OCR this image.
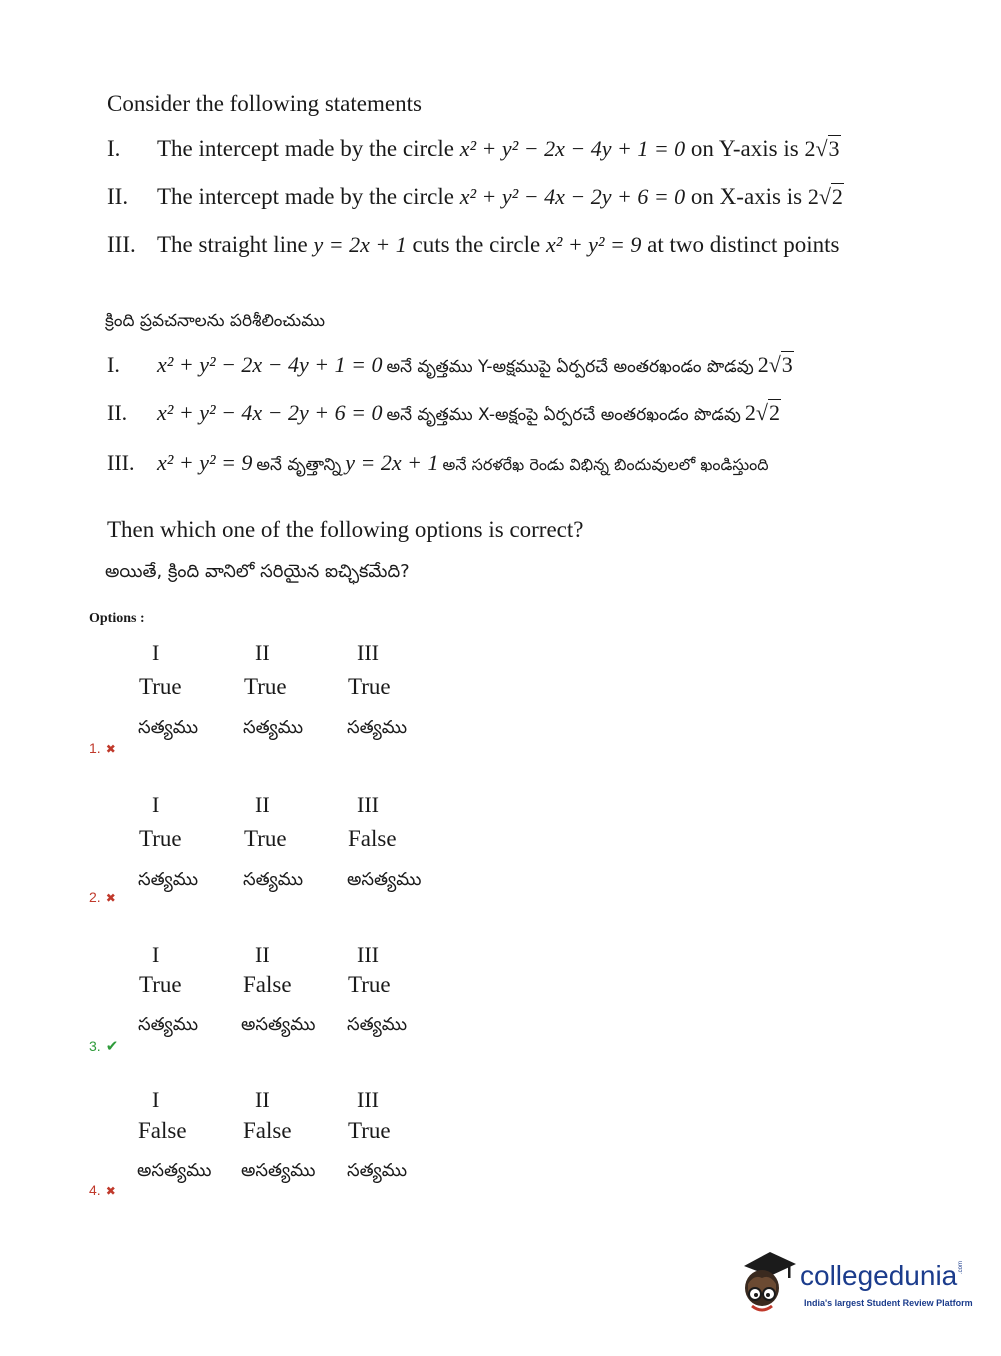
Consider the following statements
I. The intercept made by the circle x² + y² − 2x − 4y + 1 = 0 on Y-axis is 2√3
II. The intercept made by the circle x² + y² − 4x − 2y + 6 = 0 on X-axis is 2√2
III. The straight line y = 2x + 1 cuts the circle x² + y² = 9 at two distinct points
క్రింది ప్రవచనాలను పరిశీలించుము
I. x² + y² − 2x − 4y + 1 = 0 అనే వృత్తము Y-అక్షముపై ఏర్పరచే అంతరఖండం పొడవు 2√3
II. x² + y² − 4x − 2y + 6 = 0 అనే వృత్తము X-అక్షంపై ఏర్పరచే అంతరఖండం పొడవు 2√2
III. x² + y² = 9 అనే వృత్తాన్ని y = 2x + 1 అనే సరళరేఖ రెండు విభిన్న బిందువులలో ఖండిస్తుంది
Then which one of the following options is correct?
అయితే, క్రింది వానిలో సరియైన ఐచ్ఛికమేది?
Options :
I	II	III
True	True	True
సత్యము సత్యము సత్యము
1. ✖
I	II	III
True	True	False
సత్యము సత్యము అసత్యము
2. ✖
I	II	III
True	False True
సత్యము అసత్యము సత్యము
3. ✔
I	II	III
False False True
అసత్యము అసత్యము సత్యము
4. ✖
collegedunia .com
India's largest Student Review Platform
